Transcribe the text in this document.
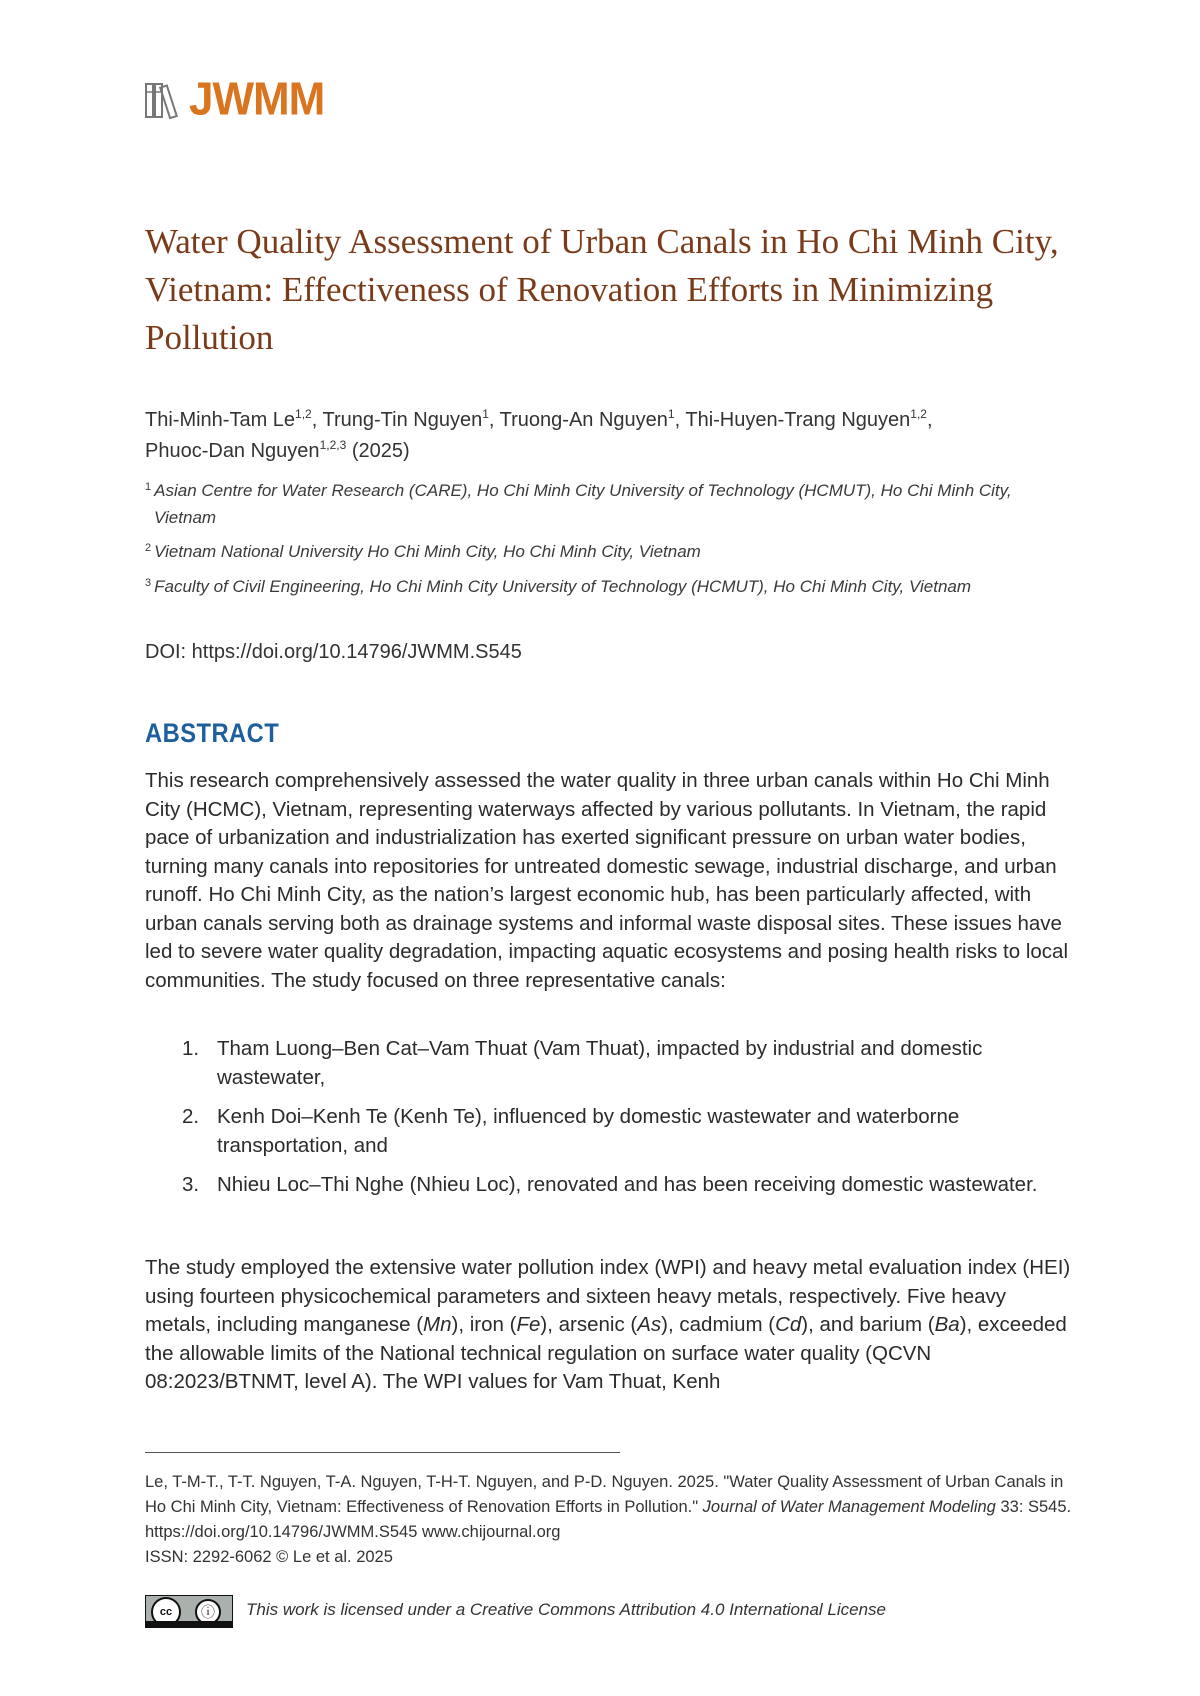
JWMM
Water Quality Assessment of Urban Canals in Ho Chi Minh City, Vietnam: Effectiveness of Renovation Efforts in Minimizing Pollution
Thi-Minh-Tam Le$^{1,2}$, Trung-Tin Nguyen$^1$, Truong-An Nguyen$^1$, Thi-Huyen-Trang Nguyen$^{1,2}$,
Phuoc-Dan Nguyen$^{1,2,3}$ (2025)
$^1$ Asian Centre for Water Research (CARE), Ho Chi Minh City University of Technology (HCMUT), Ho Chi Minh City,
Vietnam
$^2$ Vietnam National University Ho Chi Minh City, Ho Chi Minh City, Vietnam
$^3$ Faculty of Civil Engineering, Ho Chi Minh City University of Technology (HCMUT), Ho Chi Minh City, Vietnam
DOI: https://doi.org/10.14796/JWMM.S545
ABSTRACT

This research comprehensively assessed the water quality in three urban canals within Ho Chi Minh City (HCMC), Vietnam, representing waterways affected by various pollutants. In Vietnam, the rapid pace of urbanization and industrialization has exerted significant pressure on urban water bodies, turning many canals into repositories for untreated domestic sewage, industrial discharge, and urban runoff. Ho Chi Minh City, as the nation’s largest economic hub, has been particularly affected, with urban canals serving both as drainage systems and informal waste disposal sites. These issues have led to severe water quality degradation, impacting aquatic ecosystems and posing health risks to local communities. The study focused on three representative canals:

1. Tham Luong–Ben Cat–Vam Thuat (Vam Thuat), impacted by industrial and domestic wastewater,
2. Kenh Doi–Kenh Te (Kenh Te), influenced by domestic wastewater and waterborne transportation, and
3. Nhieu Loc–Thi Nghe (Nhieu Loc), renovated and has been receiving domestic wastewater.

The study employed the extensive water pollution index (WPI) and heavy metal evaluation index (HEI) using fourteen physicochemical parameters and sixteen heavy metals, respectively. Five heavy metals, including manganese (Mn), iron (Fe), arsenic (As), cadmium (Cd), and barium (Ba), exceeded the allowable limits of the National technical regulation on surface water quality (QCVN 08:2023/BTNMT, level A). The WPI values for Vam Thuat, Kenh

Le, T-M-T., T-T. Nguyen, T-A. Nguyen, T-H-T. Nguyen, and P-D. Nguyen. 2025. "Water Quality Assessment of Urban Canals in Ho Chi Minh City, Vietnam: Effectiveness of Renovation Efforts in Pollution." Journal of Water Management Modeling 33: S545. https://doi.org/10.14796/JWMM.S545 www.chijournal.org
ISSN: 2292-6062 © Le et al. 2025
cc	ⓘ	This work is licensed under a Creative Commons Attribution 4.0 International License
